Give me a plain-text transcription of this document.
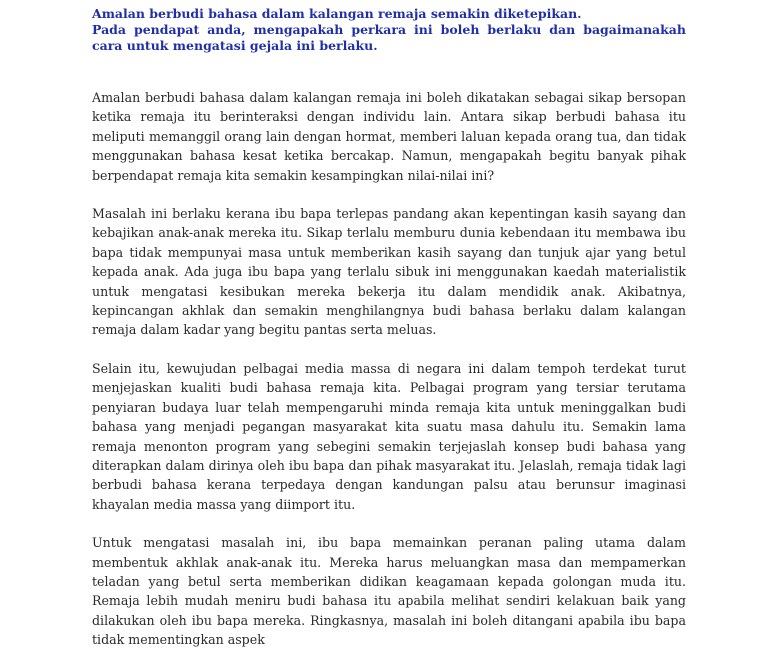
Amalan berbudi bahasa dalam kalangan remaja semakin diketepikan.

Pada pendapat anda, mengapakah perkara ini boleh berlaku dan bagaimanakah cara untuk mengatasi gejala ini berlaku.

Amalan berbudi bahasa dalam kalangan remaja ini boleh dikatakan sebagai sikap bersopan ketika remaja itu berinteraksi dengan individu lain. Antara sikap berbudi bahasa itu meliputi memanggil orang lain dengan hormat, memberi laluan kepada orang tua, dan tidak menggunakan bahasa kesat ketika bercakap. Namun, mengapakah begitu banyak pihak berpendapat remaja kita semakin kesampingkan nilai-nilai ini?

Masalah ini berlaku kerana ibu bapa terlepas pandang akan kepentingan kasih sayang dan kebajikan anak-anak mereka itu. Sikap terlalu memburu dunia kebendaan itu membawa ibu bapa tidak mempunyai masa untuk memberikan kasih sayang dan tunjuk ajar yang betul kepada anak. Ada juga ibu bapa yang terlalu sibuk ini menggunakan kaedah materialistik untuk mengatasi kesibukan mereka bekerja itu dalam mendidik anak. Akibatnya, kepincangan akhlak dan semakin menghilangnya budi bahasa berlaku dalam kalangan remaja dalam kadar yang begitu pantas serta meluas.

Selain itu, kewujudan pelbagai media massa di negara ini dalam tempoh terdekat turut menjejaskan kualiti budi bahasa remaja kita. Pelbagai program yang tersiar terutama penyiaran budaya luar telah mempengaruhi minda remaja kita untuk meninggalkan budi bahasa yang menjadi pegangan masyarakat kita suatu masa dahulu itu. Semakin lama remaja menonton program yang sebegini semakin terjejaslah konsep budi bahasa yang diterapkan dalam dirinya oleh ibu bapa dan pihak masyarakat itu. Jelaslah, remaja tidak lagi berbudi bahasa kerana terpedaya dengan kandungan palsu atau berunsur imaginasi khayalan media massa yang diimport itu.

Untuk mengatasi masalah ini, ibu bapa memainkan peranan paling utama dalam membentuk akhlak anak-anak itu. Mereka harus meluangkan masa dan mempamerkan teladan yang betul serta memberikan didikan keagamaan kepada golongan muda itu. Remaja lebih mudah meniru budi bahasa itu apabila melihat sendiri kelakuan baik yang dilakukan oleh ibu bapa mereka. Ringkasnya, masalah ini boleh ditangani apabila ibu bapa tidak mementingkan aspek
